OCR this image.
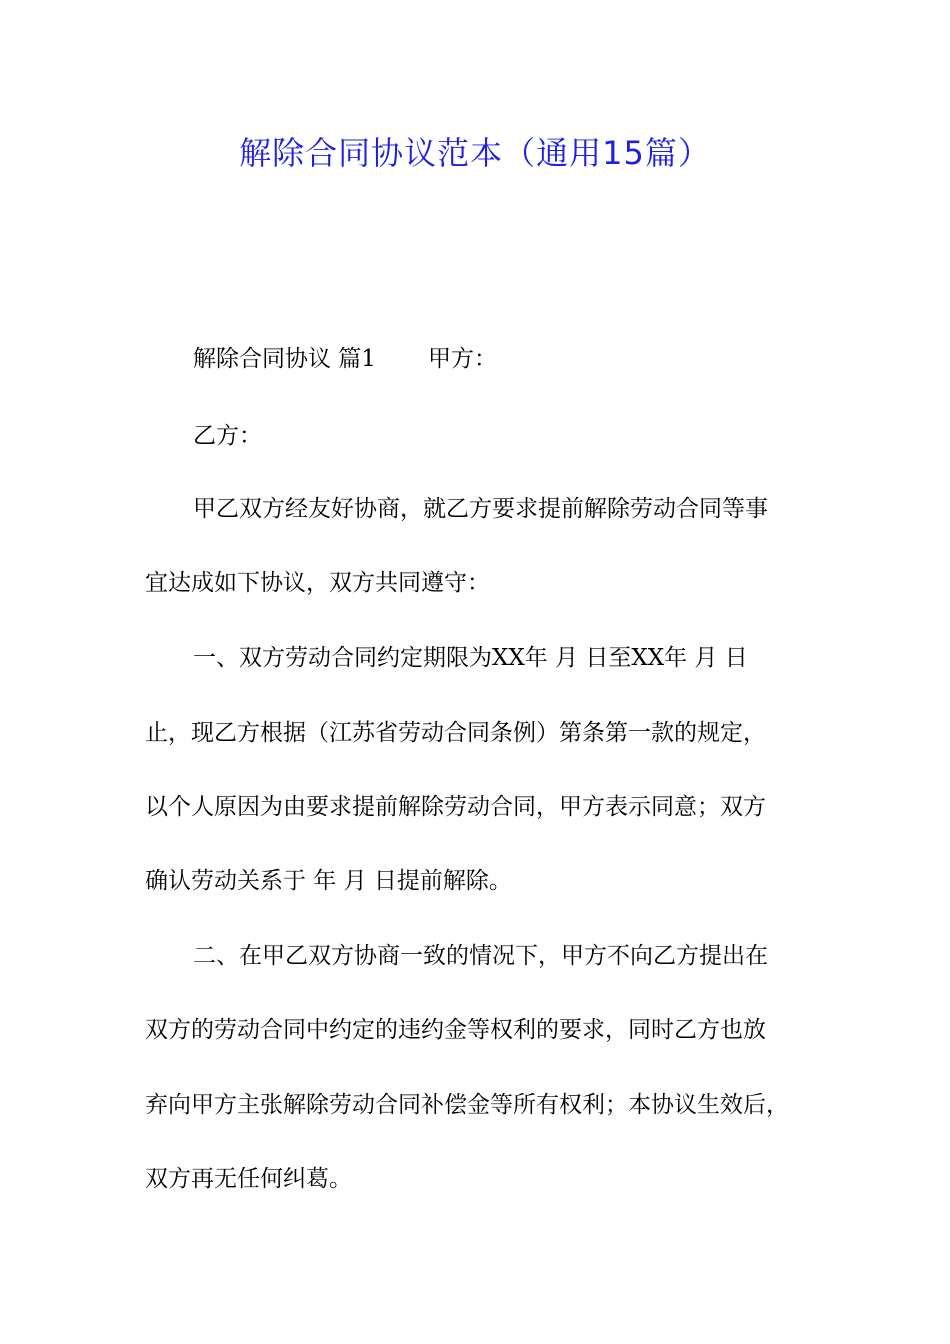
解除合同协议范本（通用15篇）

解除合同协议 篇1 甲方：

乙方：

甲乙双方经友好协商，就乙方要求提前解除劳动合同等事

宜达成如下协议，双方共同遵守：

一、双方劳动合同约定期限为XX年 月 日至XX年 月 日

止，现乙方根据（江苏省劳动合同条例）第条第一款的规定，

以个人原因为由要求提前解除劳动合同，甲方表示同意；双方

确认劳动关系于 年 月 日提前解除。

二、在甲乙双方协商一致的情况下，甲方不向乙方提出在

双方的劳动合同中约定的违约金等权利的要求，同时乙方也放

弃向甲方主张解除劳动合同补偿金等所有权利；本协议生效后，

双方再无任何纠葛。
